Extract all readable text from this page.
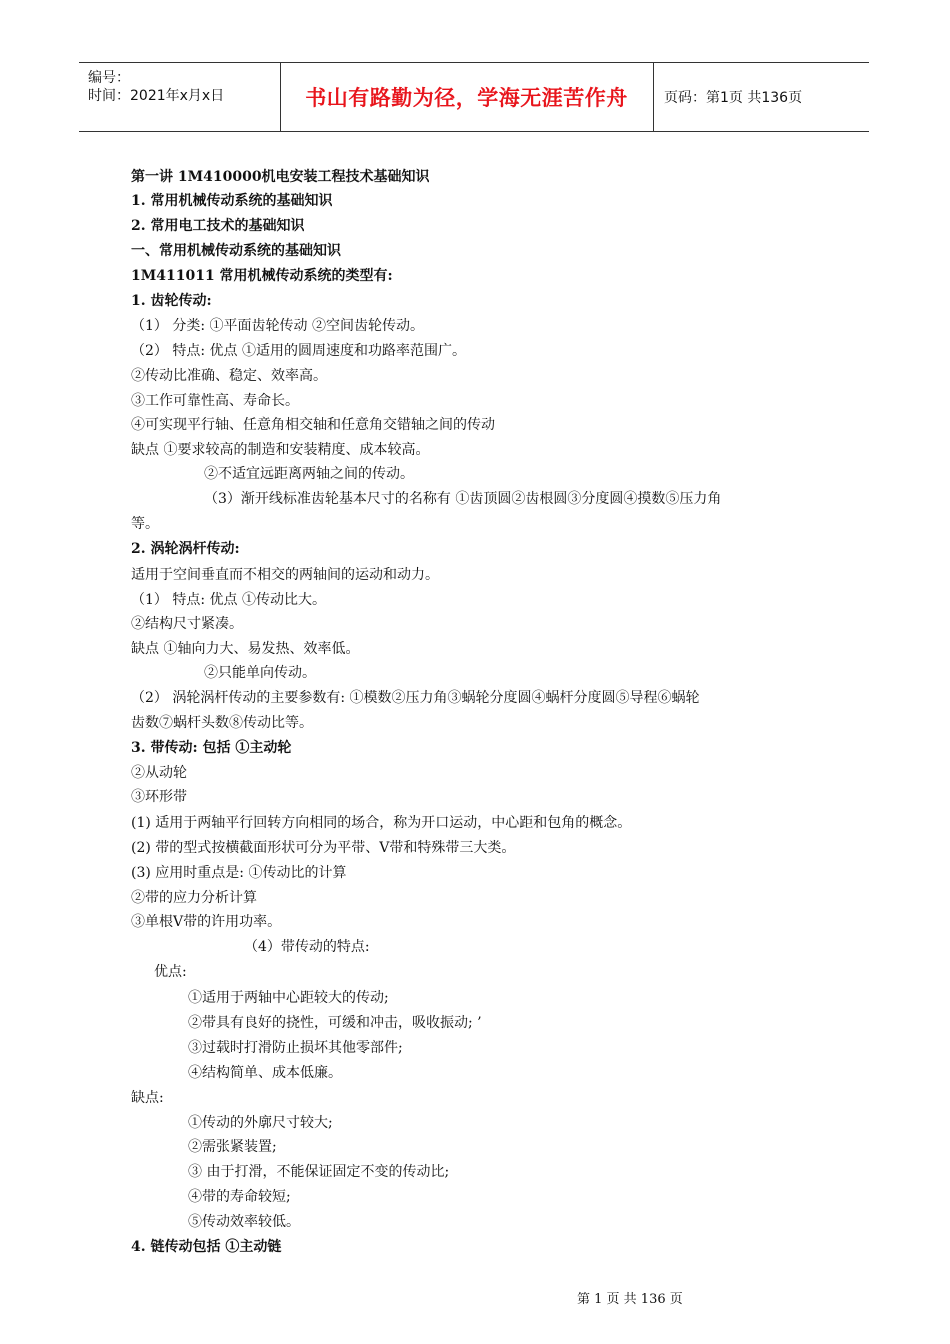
编号：
时间：2021年x月x日	书山有路勤为径，学海无涯苦作舟	页码：第1页 共136页
第一讲 1M410000机电安装工程技术基础知识
1. 常用机械传动系统的基础知识
2. 常用电工技术的基础知识
一、常用机械传动系统的基础知识
1M411011 常用机械传动系统的类型有:
1. 齿轮传动:
（1） 分类: ①平面齿轮传动 ②空间齿轮传动。
（2） 特点: 优点 ①适用的圆周速度和功路率范围广。
②传动比准确、稳定、效率高。
③工作可靠性高、寿命长。
④可实现平行轴、任意角相交轴和任意角交错轴之间的传动
缺点 ①要求较高的制造和安装精度、成本较高。
②不适宜远距离两轴之间的传动。
（3）渐开线标准齿轮基本尺寸的名称有 ①齿顶圆②齿根圆③分度圆④摸数⑤压力角
等。
2. 涡轮涡杆传动:
适用于空间垂直而不相交的两轴间的运动和动力。
（1） 特点: 优点 ①传动比大。
②结构尺寸紧凑。
缺点 ①轴向力大、易发热、效率低。
②只能单向传动。
（2） 涡轮涡杆传动的主要参数有: ①模数②压力角③蜗轮分度圆④蜗杆分度圆⑤导程⑥蜗轮
齿数⑦蜗杆头数⑧传动比等。
3. 带传动: 包括 ①主动轮
②从动轮
③环形带
(1) 适用于两轴平行回转方向相同的场合，称为开口运动，中心距和包角的概念。
(2) 带的型式按横截面形状可分为平带、V带和特殊带三大类。
(3) 应用时重点是: ①传动比的计算
②带的应力分析计算
③单根V带的许用功率。
（4）带传动的特点:
优点:
①适用于两轴中心距较大的传动;
②带具有良好的挠性，可缓和冲击，吸收振动; ’
③过载时打滑防止损坏其他零部件;
④结构简单、成本低廉。
缺点:
①传动的外廓尺寸较大;
②需张紧装置;
③ 由于打滑，不能保证固定不变的传动比;
④带的寿命较短;
⑤传动效率较低。
4. 链传动包括 ①主动链
第 1 页 共 136 页
